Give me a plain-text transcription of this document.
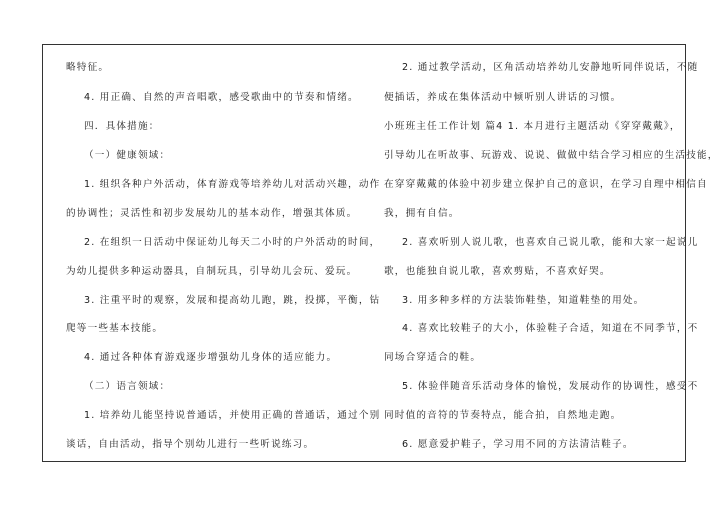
略特征。
4. 用正确、自然的声音唱歌，感受歌曲中的节奏和情绪。
四．具体措施：
（一）健康领域：
1. 组织各种户外活动，体育游戏等培养幼儿对活动兴趣，动作
的协调性；灵活性和初步发展幼儿的基本动作，增强其体质。
2. 在组织一日活动中保证幼儿每天二小时的户外活动的时间，
为幼儿提供多种运动器具，自制玩具，引导幼儿会玩、爱玩。
3. 注重平时的观察，发展和提高幼儿跑，跳，投掷，平衡，钻
爬等一些基本技能。
4. 通过各种体育游戏逐步增强幼儿身体的适应能力。
（二）语言领域：
1. 培养幼儿能坚持说普通话，并使用正确的普通话，通过个别
谈话，自由活动，指导个别幼儿进行一些听说练习。
2. 通过教学活动，区角活动培养幼儿安静地听同伴说话，不随
便插话，养成在集体活动中倾听别人讲话的习惯。
小班班主任工作计划 篇4 1. 本月进行主题活动《穿穿戴戴》，
引导幼儿在听故事、玩游戏、说说、做做中结合学习相应的生活技能，
在穿穿戴戴的体验中初步建立保护自己的意识，在学习自理中相信自
我，拥有自信。
2. 喜欢听别人说儿歌，也喜欢自己说儿歌，能和大家一起说儿
歌，也能独自说儿歌，喜欢剪贴，不喜欢好哭。
3. 用多种多样的方法装饰鞋垫，知道鞋垫的用处。
4. 喜欢比较鞋子的大小，体验鞋子合适，知道在不同季节，不
同场合穿适合的鞋。
5. 体验伴随音乐活动身体的愉悦，发展动作的协调性，感受不
同时值的音符的节奏特点，能合拍，自然地走跑。
6. 愿意爱护鞋子，学习用不同的方法清洁鞋子。
